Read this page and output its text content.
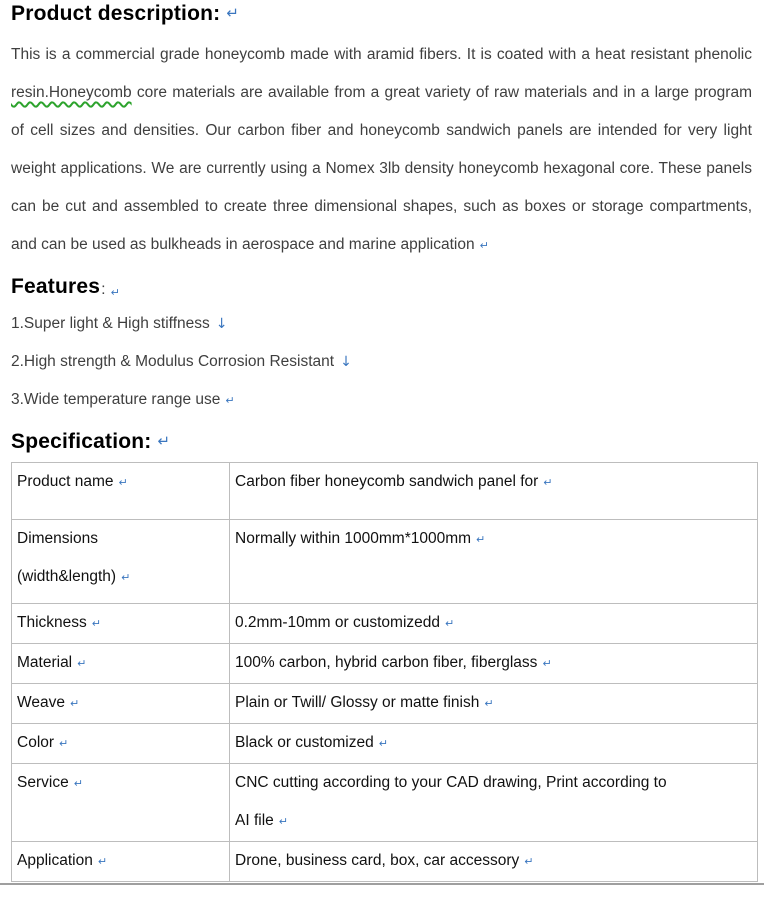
Product description: ↵
This is a commercial grade honeycomb made with aramid fibers. It is coated with a heat resistant phenolic resin.Honeycomb core materials are available from a great variety of raw materials and in a large program of cell sizes and densities. Our carbon fiber and honeycomb sandwich panels are intended for very light weight applications. We are currently using a Nomex 3lb density honeycomb hexagonal core. These panels can be cut and assembled to create three dimensional shapes, such as boxes or storage compartments, and can be used as bulkheads in aerospace and marine application ↵
Features : ↵
1.Super light & High stiffness ↓
2.High strength & Modulus Corrosion Resistant ↓
3.Wide temperature range use ↵
Specification: ↵
Product name ↵	Carbon fiber honeycomb sandwich panel for ↵

Dimensions
(width&length) ↵	Normally within 1000mm*1000mm ↵
Thickness ↵	0.2mm-10mm or customizedd ↵
Material ↵	100% carbon, hybrid carbon fiber, fiberglass ↵
Weave ↵	Plain or Twill/ Glossy or matte finish ↵
Color ↵	Black or customized ↵
Service ↵	CNC cutting according to your CAD drawing, Print according to
AI file ↵

Application ↵	Drone, business card, box, car accessory ↵
